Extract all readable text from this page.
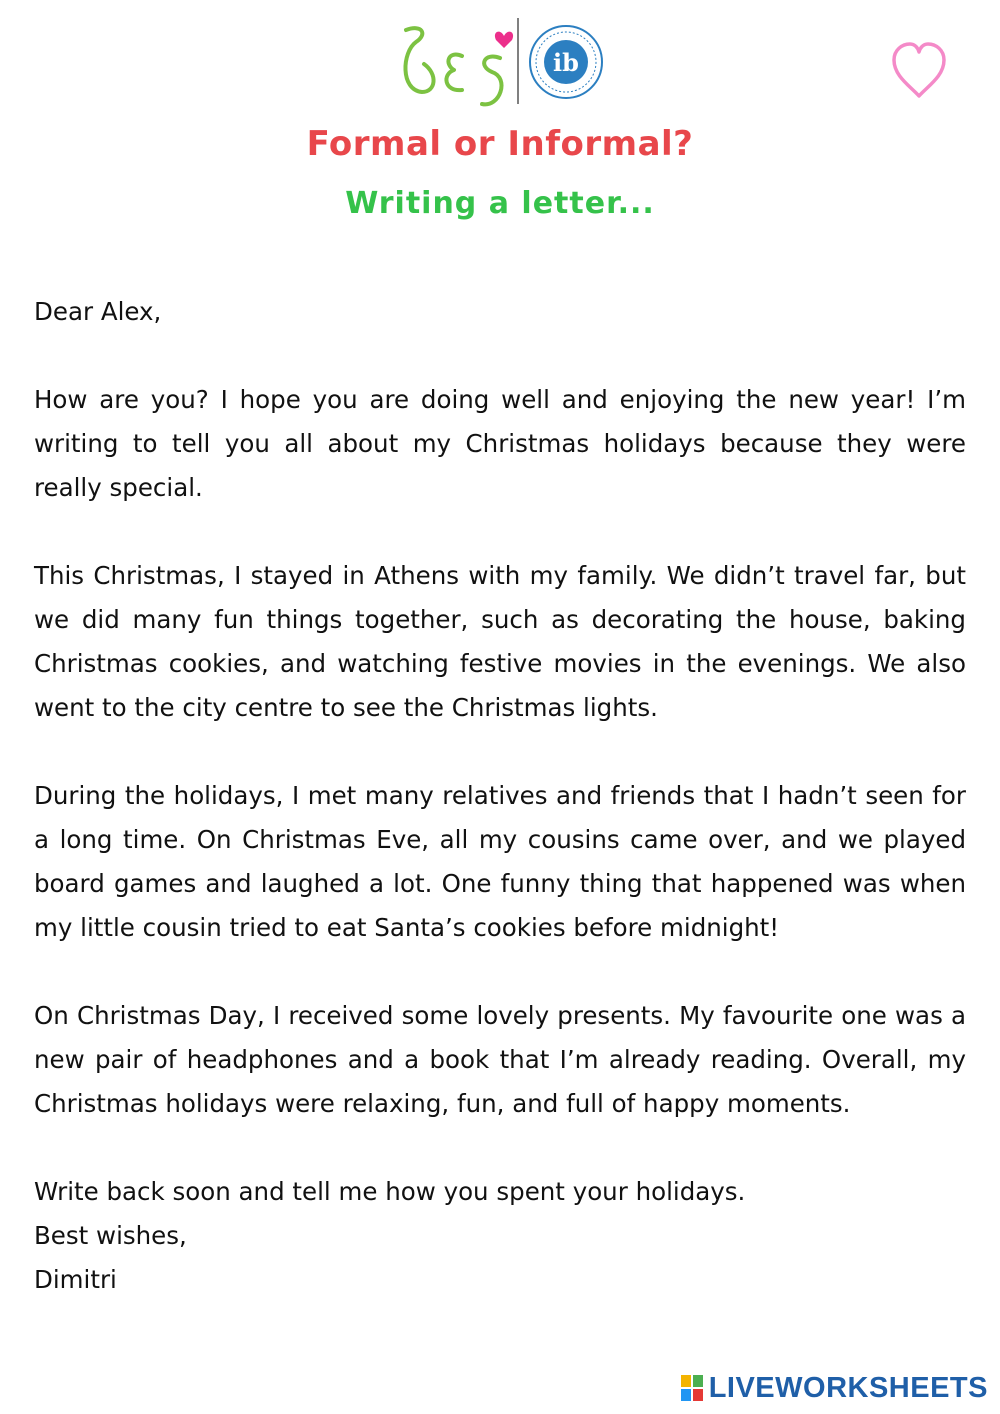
ib
Formal or Informal?
Writing a letter...

Dear Alex,

How are you? I hope you are doing well and enjoying the new year! I’m writing to tell you all about my Christmas holidays because they were really special.

This Christmas, I stayed in Athens with my family. We didn’t travel far, but we did many fun things together, such as decorating the house, baking Christmas cookies, and watching festive movies in the evenings. We also went to the city centre to see the Christmas lights.

During the holidays, I met many relatives and friends that I hadn’t seen for a long time. On Christmas Eve, all my cousins came over, and we played board games and laughed a lot. One funny thing that happened was when my little cousin tried to eat Santa’s cookies before midnight!

On Christmas Day, I received some lovely presents. My favourite one was a new pair of headphones and a book that I’m already reading. Overall, my Christmas holidays were relaxing, fun, and full of happy moments.

Write back soon and tell me how you spent your holidays.

Best wishes,

Dimitri

LIVEWORKSHEETS
